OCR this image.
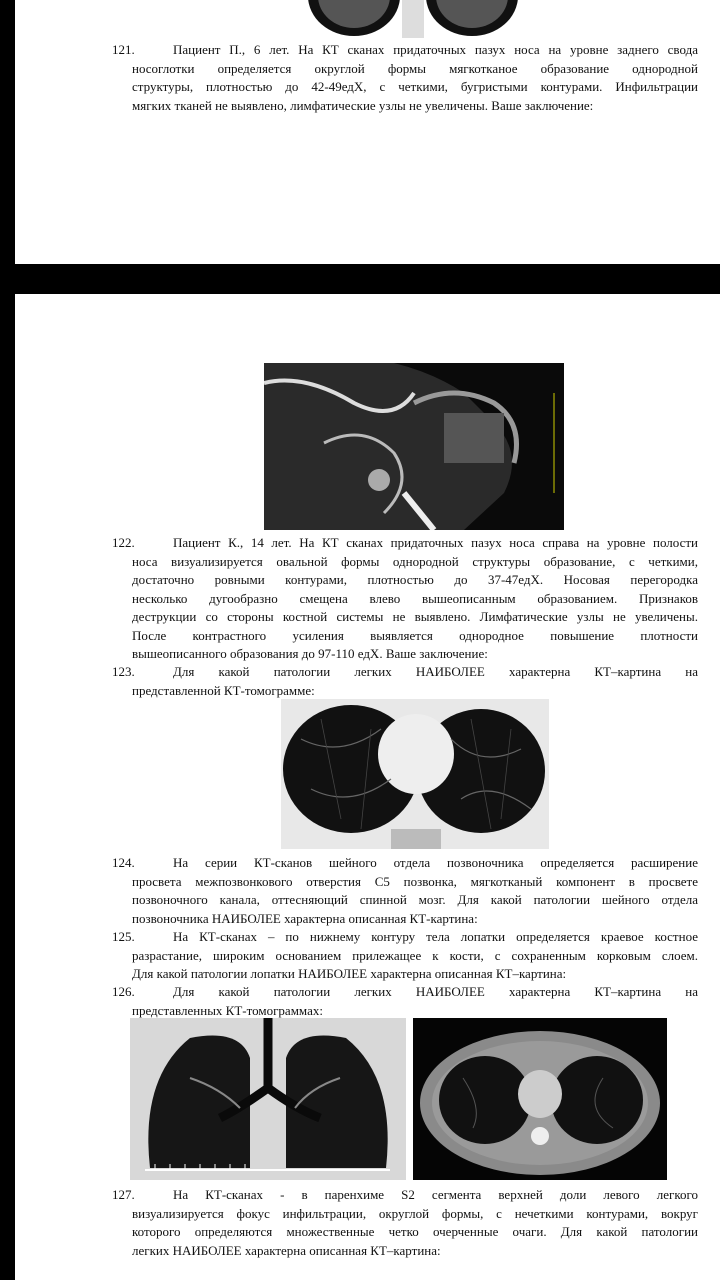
121.	Пациент П., 6 лет. На КТ сканах придаточных пазух носа на уровне заднего свода
носоглотки определяется округлой формы мягкотканое образование однородной
структуры, плотностью до 42-49едХ, с четкими, бугристыми контурами. Инфильтрации
мягких тканей не выявлено, лимфатические узлы не увеличены. Ваше заключение:
122.	Пациент К., 14 лет. На КТ сканах придаточных пазух носа справа на уровне полости
носа визуализируется овальной формы однородной структуры образование, с четкими,
достаточно ровными контурами, плотностью до 37-47едХ. Носовая перегородка
несколько дугообразно смещена влево вышеописанным образованием. Признаков
деструкции со стороны костной системы не выявлено. Лимфатические узлы не увеличены.
После контрастного усиления выявляется однородное повышение плотности
вышеописанного образования до 97-110 едХ. Ваше заключение:
123.	Для какой патологии легких НАИБОЛЕЕ характерна КТ–картина на
представленной КТ-томограмме:
124.	На серии КТ-сканов шейного отдела позвоночника определяется расширение
просвета межпозвонкового отверстия С5 позвонка, мягкотканый компонент в просвете
позвоночного канала, оттесняющий спинной мозг. Для какой патологии шейного отдела
позвоночника НАИБОЛЕЕ характерна описанная КТ-картина:
125.	На КТ-сканах – по нижнему контуру тела лопатки определяется краевое костное
разрастание, широким основанием прилежащее к кости, с сохраненным корковым слоем.
Для какой патологии лопатки НАИБОЛЕЕ характерна описанная КТ–картина:
126.	Для какой патологии легких НАИБОЛЕЕ характерна КТ–картина на
представленных КТ-томограммах:
127.	На КТ-сканах - в паренхиме S2 сегмента верхней доли левого легкого
визуализируется фокус инфильтрации, округлой формы, с нечеткими контурами, вокруг
которого определяются множественные четко очерченные очаги. Для какой патологии
легких НАИБОЛЕЕ характерна описанная КТ–картина:
